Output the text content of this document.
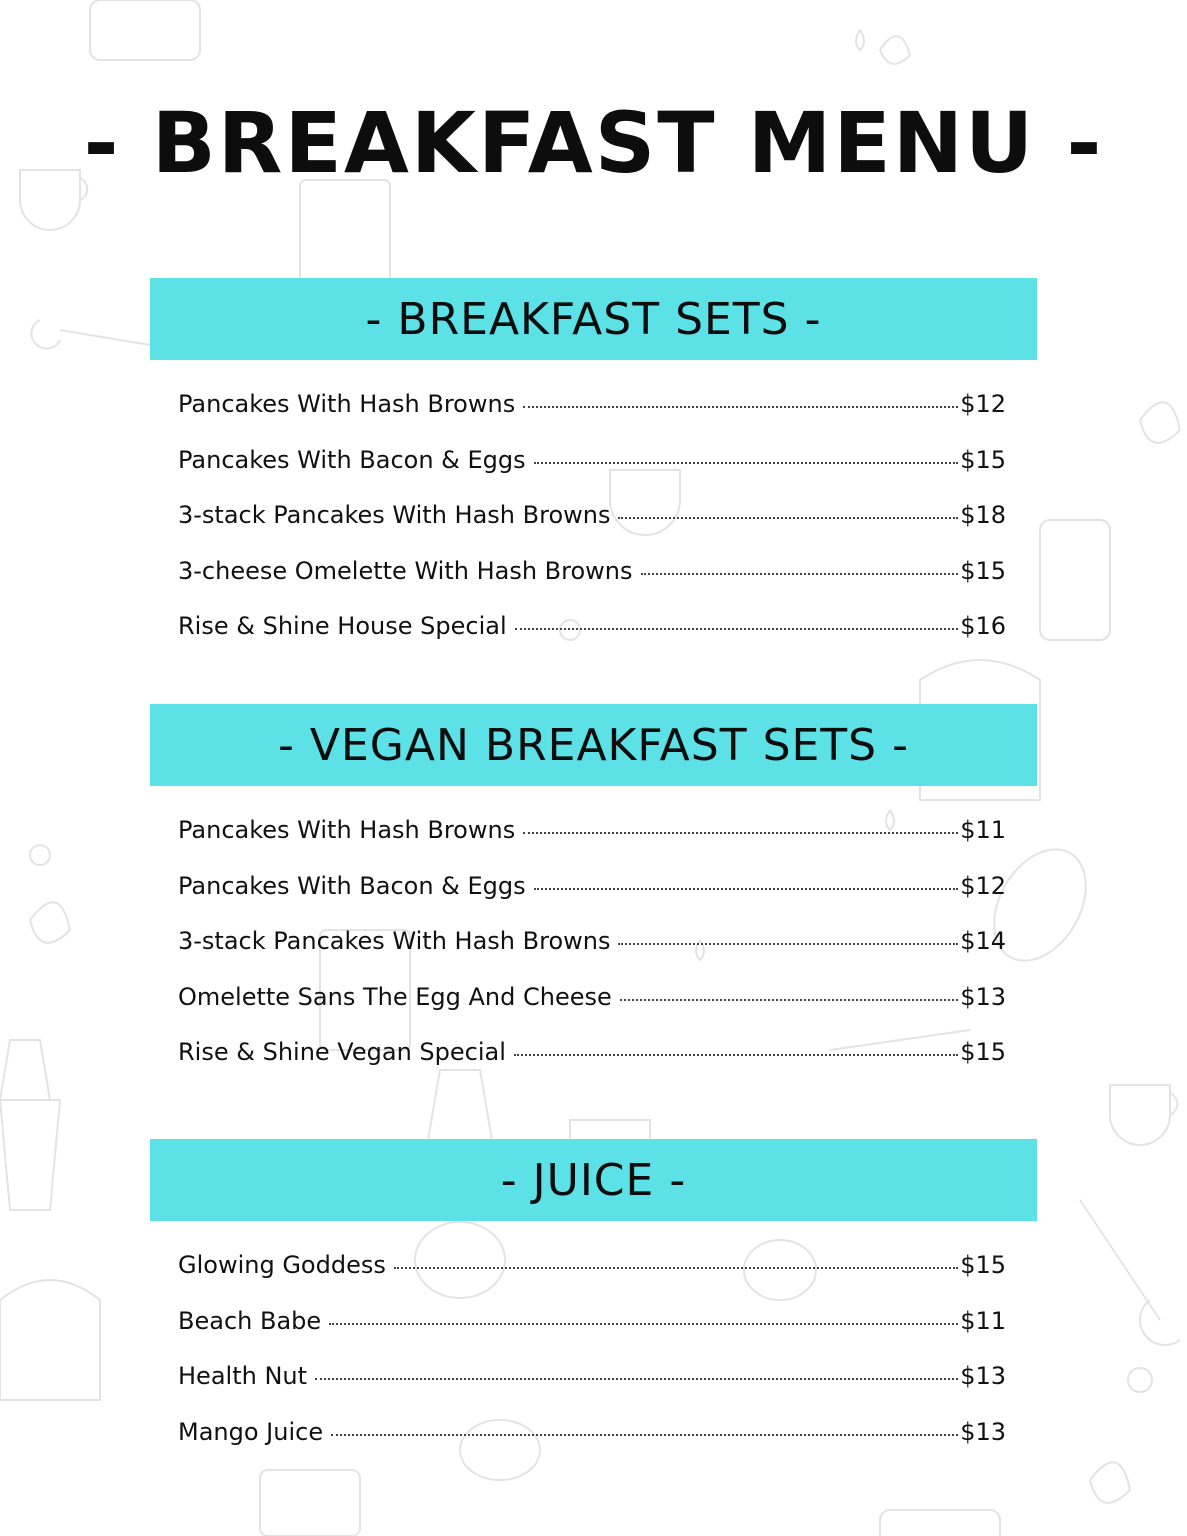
- BREAKFAST MENU -
- BREAKFAST SETS -
Pancakes With Hash Browns	$12
Pancakes With Bacon & Eggs	$15
3-stack Pancakes With Hash Browns	$18
3-cheese Omelette With Hash Browns	$15
Rise & Shine House Special	$16
- VEGAN BREAKFAST SETS -
Pancakes With Hash Browns	$11
Pancakes With Bacon & Eggs	$12
3-stack Pancakes With Hash Browns	$14
Omelette Sans The Egg And Cheese	$13
Rise & Shine Vegan Special	$15
- JUICE -
Glowing Goddess	$15
Beach Babe	$11
Health Nut	$13
Mango Juice	$13
